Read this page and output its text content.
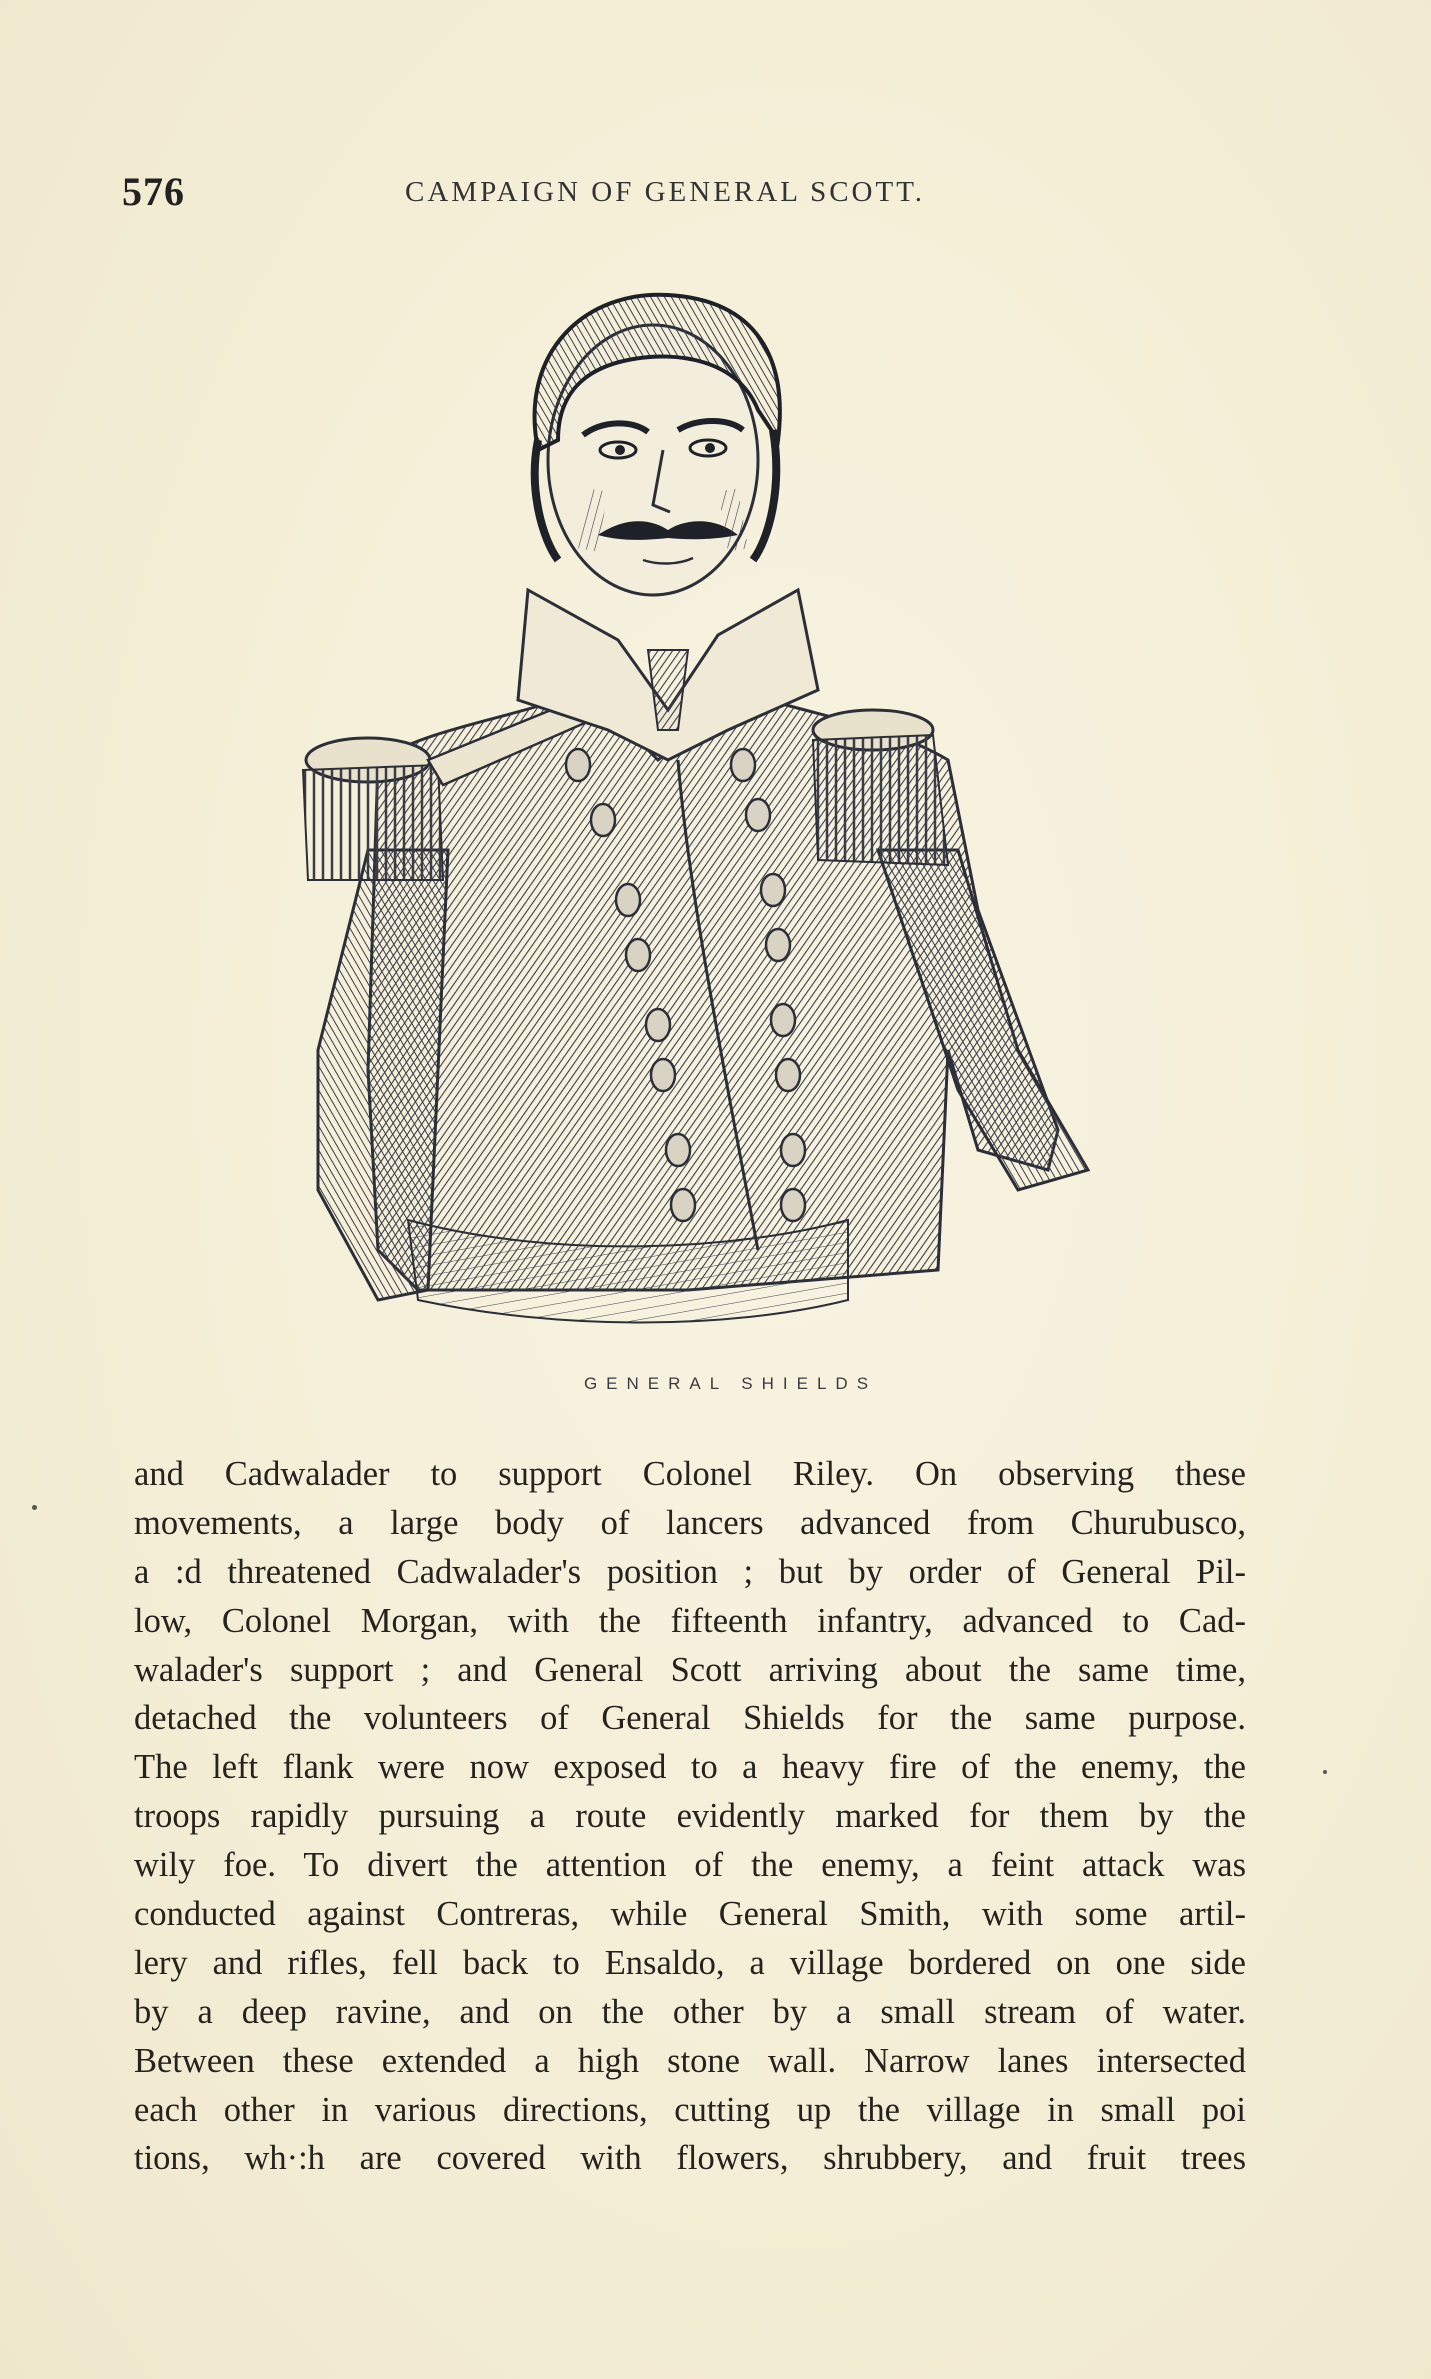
576	CAMPAIGN OF GENERAL SCOTT.
GENERAL SHIELDS
and Cadwalader to support Colonel Riley. On observing these
movements, a large body of lancers advanced from Churubusco,
a :d threatened Cadwalader's position ; but by order of General Pil-
low, Colonel Morgan, with the fifteenth infantry, advanced to Cad-
walader's support ; and General Scott arriving about the same time,
detached the volunteers of General Shields for the same purpose.
The left flank were now exposed to a heavy fire of the enemy, the
troops rapidly pursuing a route evidently marked for them by the
wily foe. To divert the attention of the enemy, a feint attack was
conducted against Contreras, while General Smith, with some artil-
lery and rifles, fell back to Ensaldo, a village bordered on one side
by a deep ravine, and on the other by a small stream of water.
Between these extended a high stone wall. Narrow lanes intersected
each other in various directions, cutting up the village in small poi
tions, wh·:h are covered with flowers, shrubbery, and fruit trees
